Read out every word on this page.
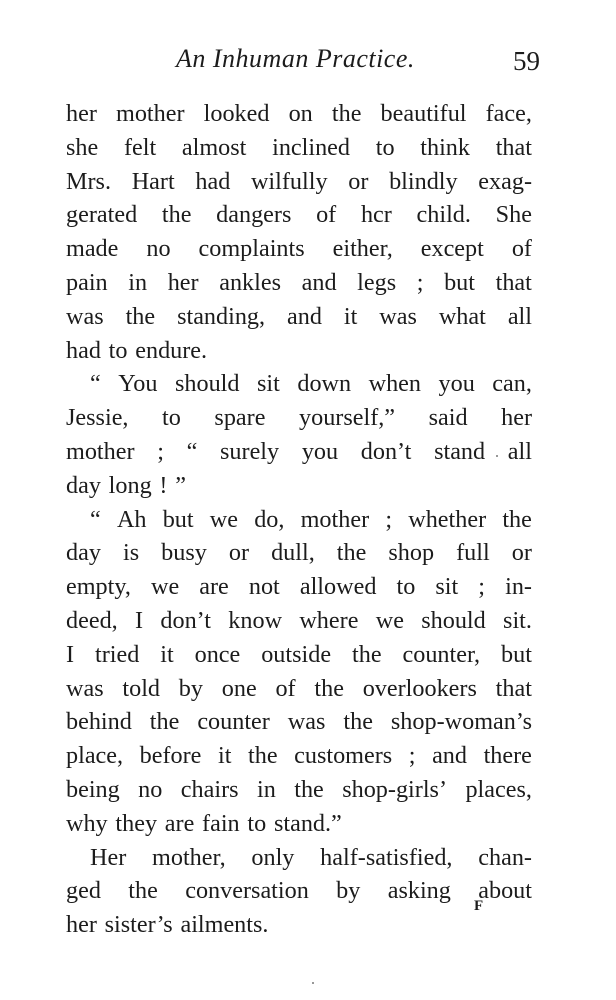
An Inhuman Practice.	59
her mother looked on the beautiful face,
she felt almost inclined to think that
Mrs. Hart had wilfully or blindly exag-
gerated the dangers of hcr child. She
made no complaints either, except of
pain in her ankles and legs ; but that
was the standing, and it was what all
had to endure.
“ You should sit down when you can,
Jessie, to spare yourself,” said her
mother ; “ surely you don’t stand all
day long ! ”
“ Ah but we do, mother ; whether the
day is busy or dull, the shop full or
empty, we are not allowed to sit ; in-
deed, I don’t know where we should sit.
I tried it once outside the counter, but
was told by one of the overlookers that
behind the counter was the shop-woman’s
place, before it the customers ; and there
being no chairs in the shop-girls’ places,
why they are fain to stand.”
Her mother, only half-satisfied, chan-
ged the conversation by asking about
her sister’s ailments.
F
